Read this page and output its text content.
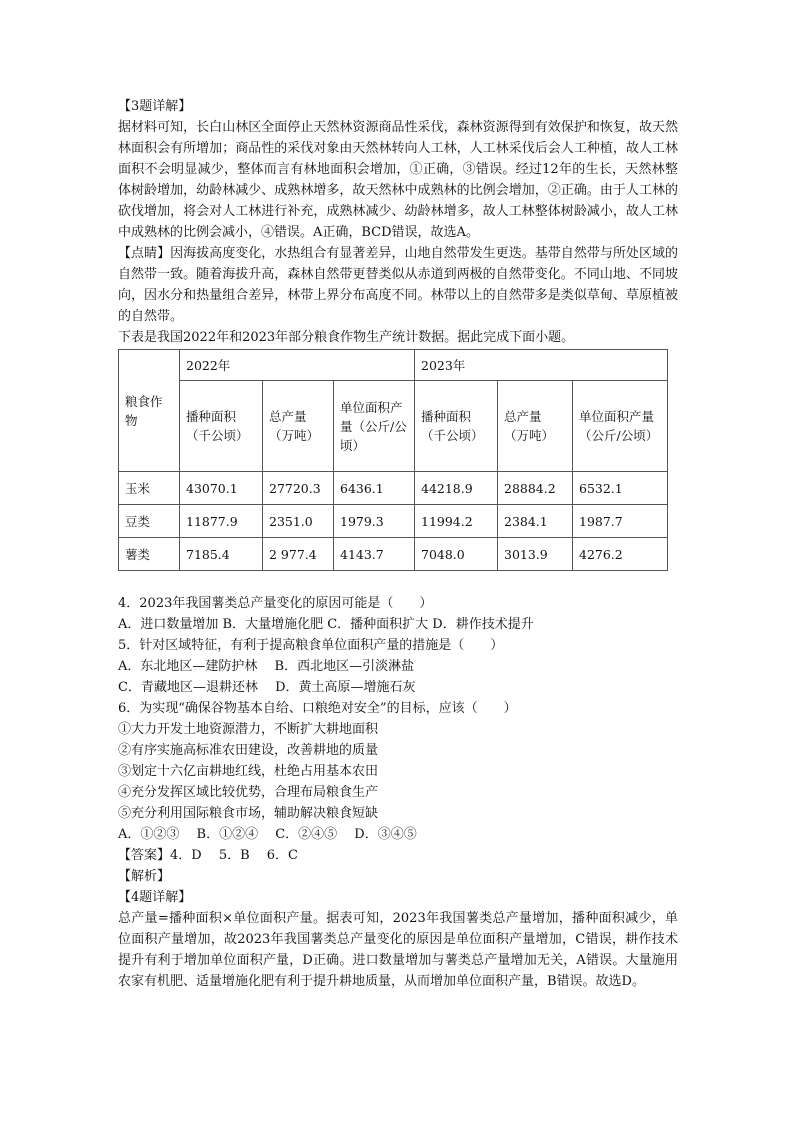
【3题详解】

据材料可知，长白山林区全面停止天然林资源商品性采伐，森林资源得到有效保护和恢复，故天然林面积会有所增加；商品性的采伐对象由天然林转向人工林，人工林采伐后会人工种植，故人工林面积不会明显减少，整体而言有林地面积会增加，①正确，③错误。经过12年的生长，天然林整体树龄增加，幼龄林减少、成熟林增多，故天然林中成熟林的比例会增加，②正确。由于人工林的砍伐增加，将会对人工林进行补充，成熟林减少、幼龄林增多，故人工林整体树龄减小，故人工林中成熟林的比例会减小，④错误。A正确，BCD错误，故选A。

【点睛】因海拔高度变化，水热组合有显著差异，山地自然带发生更迭。基带自然带与所处区域的自然带一致。随着海拔升高，森林自然带更替类似从赤道到两极的自然带变化。不同山地、不同坡向，因水分和热量组合差异，林带上界分布高度不同。林带以上的自然带多是类似草甸、草原植被的自然带。

下表是我国2022年和2023年部分粮食作物生产统计数据。据此完成下面小题。

粮食作物	2022年			2023年		
	播种面积（千公顷）	总产量（万吨）	单位面积产量（公斤/公顷）	播种面积（千公顷）	总产量（万吨）	单位面积产量（公斤/公顷）
玉米	43070.1	27720.3	6436.1	44218.9	28884.2	6532.1
豆类	11877.9	2351.0	1979.3	11994.2	2384.1	1987.7
薯类	7185.4	2 977.4	4143.7	7048.0	3013.9	4276.2

4．2023年我国薯类总产量变化的原因可能是（　　）

A．进口数量增加 B．大量增施化肥 C．播种面积扩大 D．耕作技术提升

5．针对区域特征，有利于提高粮食单位面积产量的措施是（　　）

A．东北地区—建防护林　 B．西北地区—引淡淋盐

C．青藏地区—退耕还林　 D．黄土高原—增施石灰

6．为实现“确保谷物基本自给、口粮绝对安全”的目标，应该（　　）

①大力开发土地资源潜力，不断扩大耕地面积

②有序实施高标准农田建设，改善耕地的质量

③划定十六亿亩耕地红线，杜绝占用基本农田

④充分发挥区域比较优势，合理布局粮食生产

⑤充分利用国际粮食市场，辅助解决粮食短缺

A．①②③　 B．①②④　 C．②④⑤　 D．③④⑤

【答案】4．D　 5．B　 6．C

【解析】

【4题详解】

总产量=播种面积×单位面积产量。据表可知，2023年我国薯类总产量增加，播种面积减少，单位面积产量增加，故2023年我国薯类总产量变化的原因是单位面积产量增加，C错误，耕作技术提升有利于增加单位面积产量，D正确。进口数量增加与薯类总产量增加无关，A错误。大量施用农家有机肥、适量增施化肥有利于提升耕地质量，从而增加单位面积产量，B错误。故选D。
